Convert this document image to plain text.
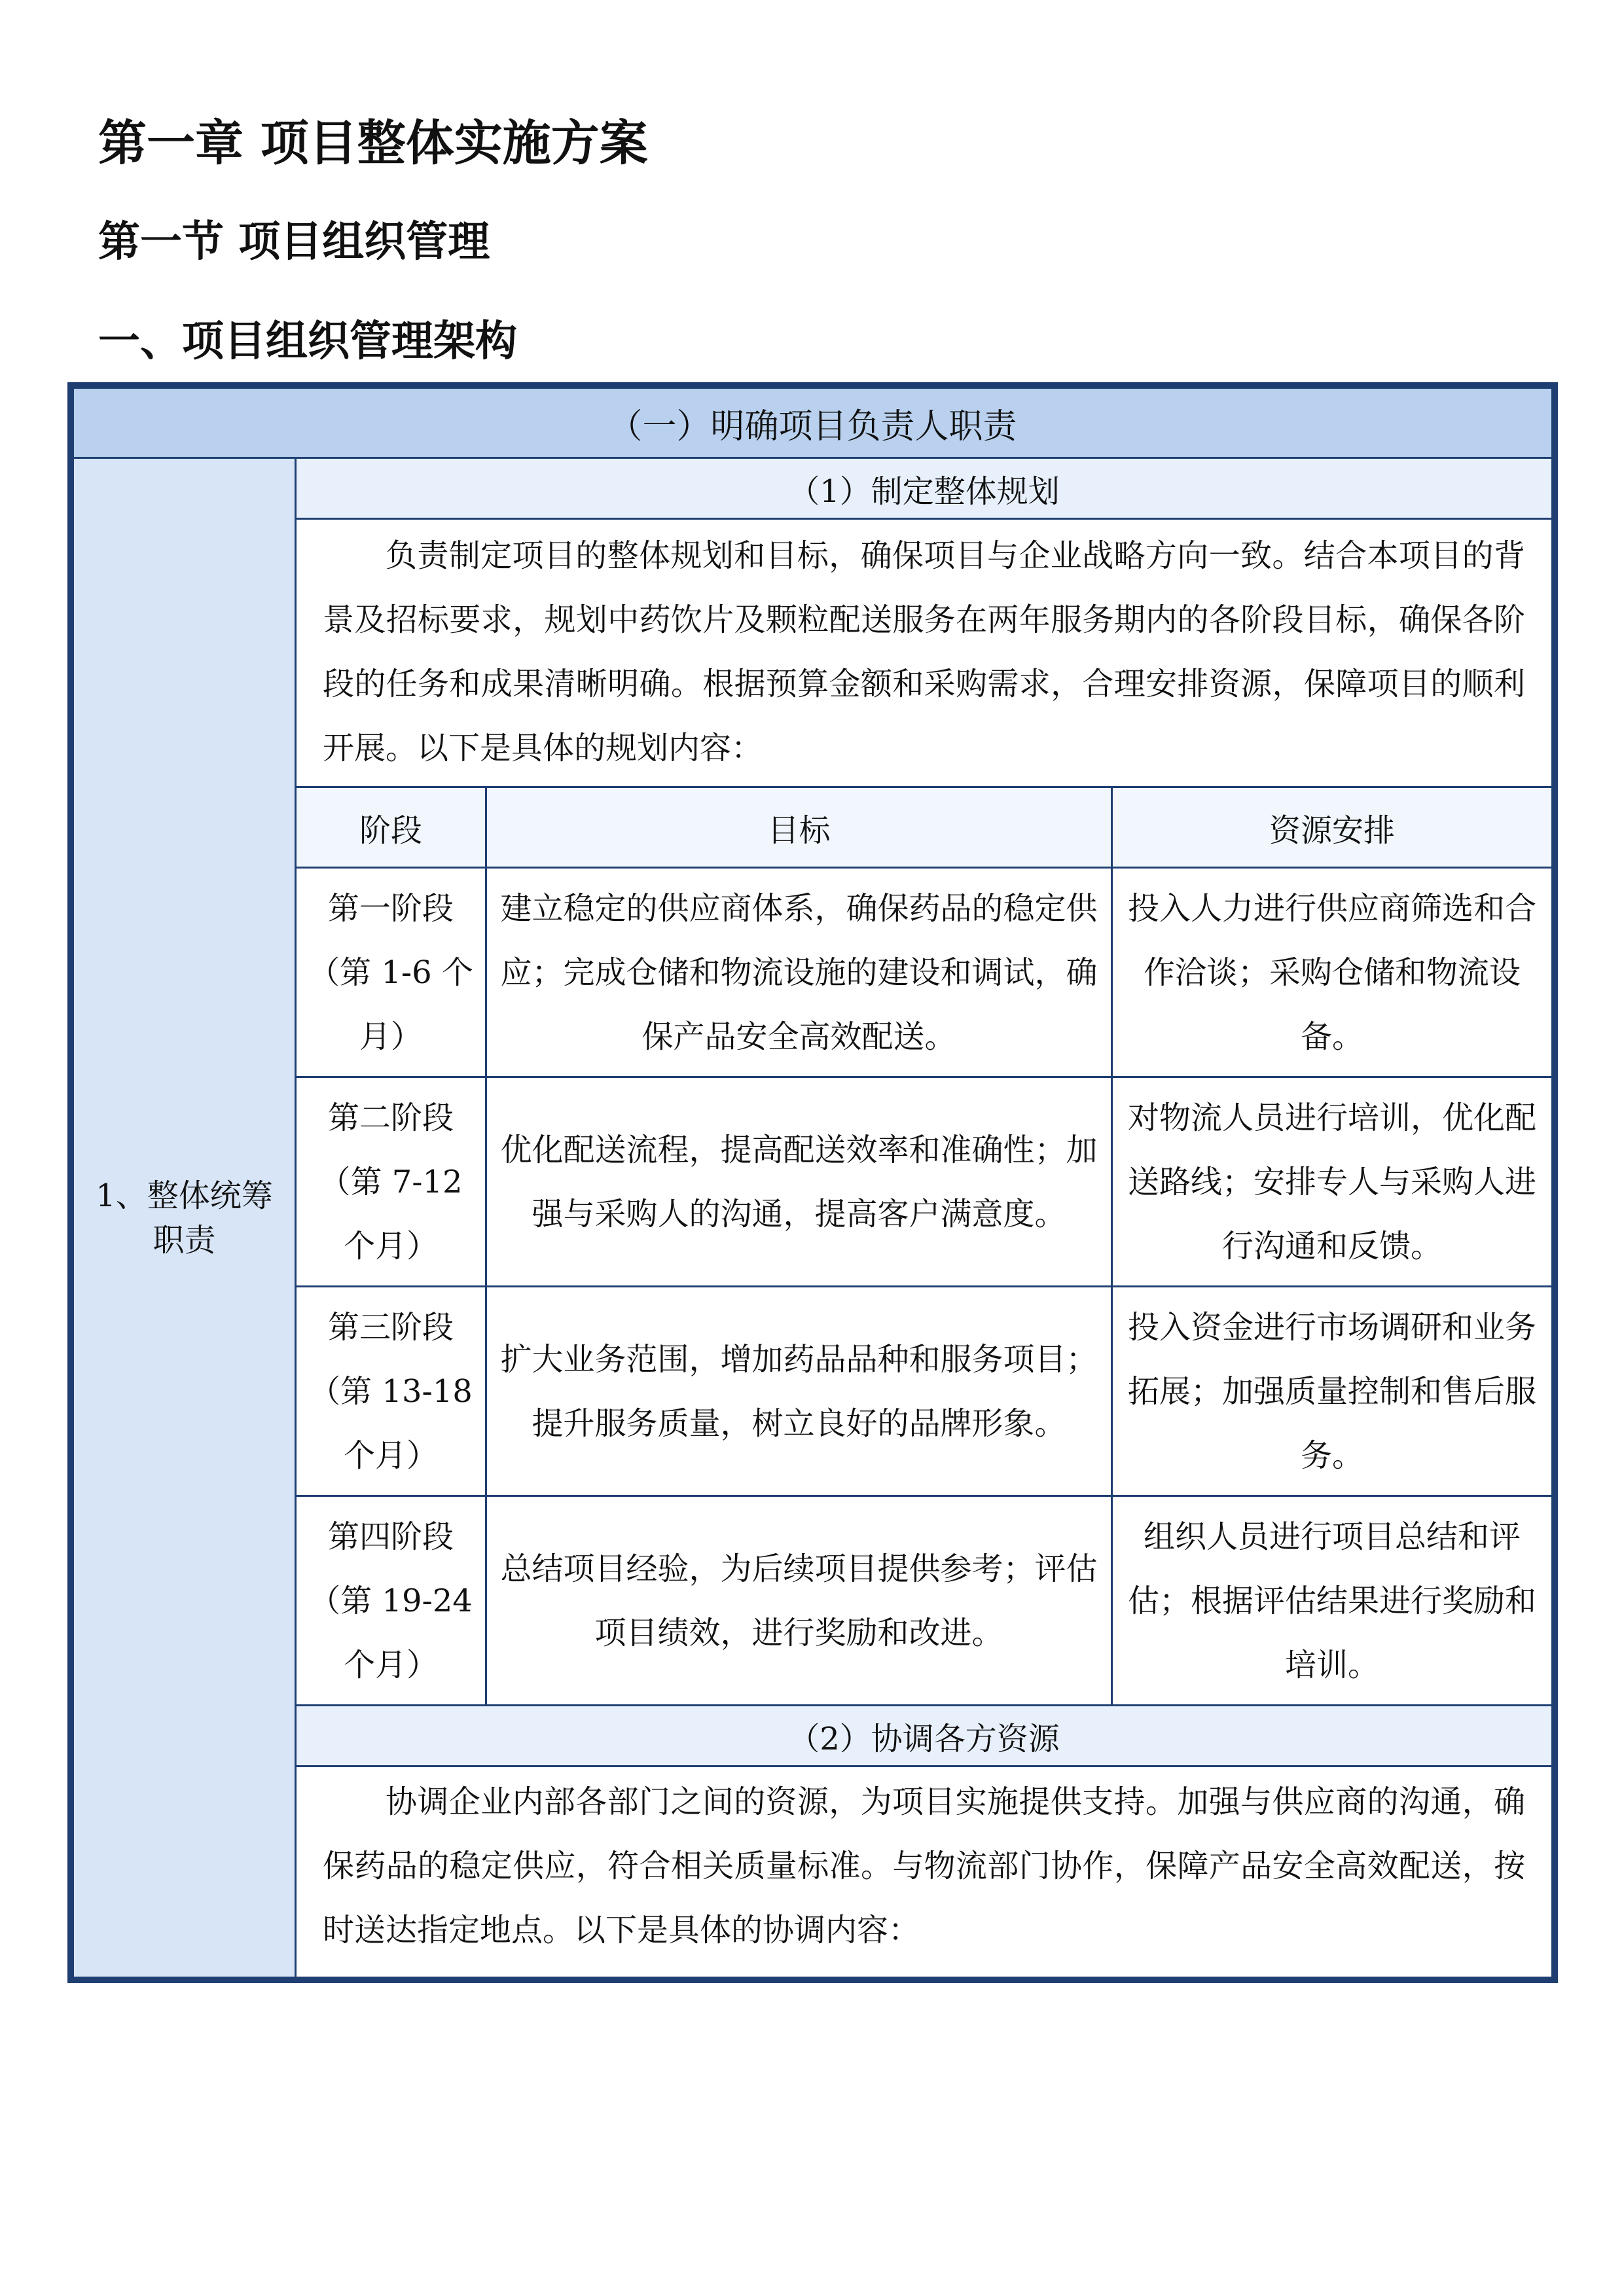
第一章 项目整体实施方案
第一节 项目组织管理
一、项目组织管理架构
（一）明确项目负责人职责
1、整体统筹职责
（1）制定整体规划
负责制定项目的整体规划和目标，确保项目与企业战略方向一致。结合本项目的背景及招标要求，规划中药饮片及颗粒配送服务在两年服务期内的各阶段目标，确保各阶段的任务和成果清晰明确。根据预算金额和采购需求，合理安排资源，保障项目的顺利开展。以下是具体的规划内容：
阶段	目标	资源安排
第一阶段（第 1-6 个月）
建立稳定的供应商体系，确保药品的稳定供应；完成仓储和物流设施的建设和调试，确保产品安全高效配送。
投入人力进行供应商筛选和合作洽谈；采购仓储和物流设备。
第二阶段（第 7-12 个月）
优化配送流程，提高配送效率和准确性；加强与采购人的沟通，提高客户满意度。
对物流人员进行培训，优化配送路线；安排专人与采购人进行沟通和反馈。
第三阶段（第 13-18 个月）
扩大业务范围，增加药品品种和服务项目；提升服务质量，树立良好的品牌形象。
投入资金进行市场调研和业务拓展；加强质量控制和售后服务。
第四阶段（第 19-24 个月）
总结项目经验，为后续项目提供参考；评估项目绩效，进行奖励和改进。
组织人员进行项目总结和评估；根据评估结果进行奖励和培训。
（2）协调各方资源
协调企业内部各部门之间的资源，为项目实施提供支持。加强与供应商的沟通，确保药品的稳定供应，符合相关质量标准。与物流部门协作，保障产品安全高效配送，按时送达指定地点。以下是具体的协调内容：
